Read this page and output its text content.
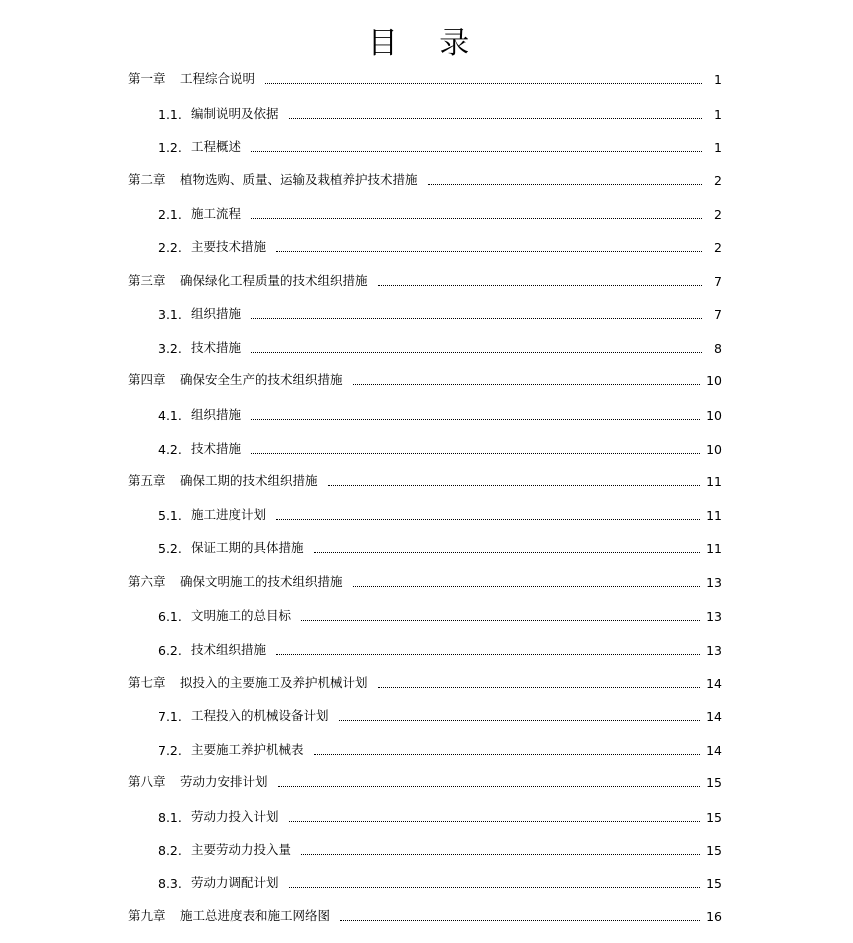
目 录
第一章	工程综合说明	1
1.1. 编制说明及依据	1
1.2. 工程概述	1
第二章	植物选购、质量、运输及栽植养护技术措施	2
2.1. 施工流程	2
2.2. 主要技术措施	2
第三章	确保绿化工程质量的技术组织措施	7
3.1. 组织措施	7
3.2. 技术措施	8
第四章	确保安全生产的技术组织措施	10
4.1. 组织措施	10
4.2. 技术措施	10
第五章	确保工期的技术组织措施	11
5.1. 施工进度计划	11
5.2. 保证工期的具体措施	11
第六章	确保文明施工的技术组织措施	13
6.1. 文明施工的总目标	13
6.2. 技术组织措施	13
第七章	拟投入的主要施工及养护机械计划	14
7.1. 工程投入的机械设备计划	14
7.2. 主要施工养护机械表	14
第八章	劳动力安排计划	15
8.1. 劳动力投入计划	15
8.2. 主要劳动力投入量	15
8.3. 劳动力调配计划	15
第九章	施工总进度表和施工网络图	16
